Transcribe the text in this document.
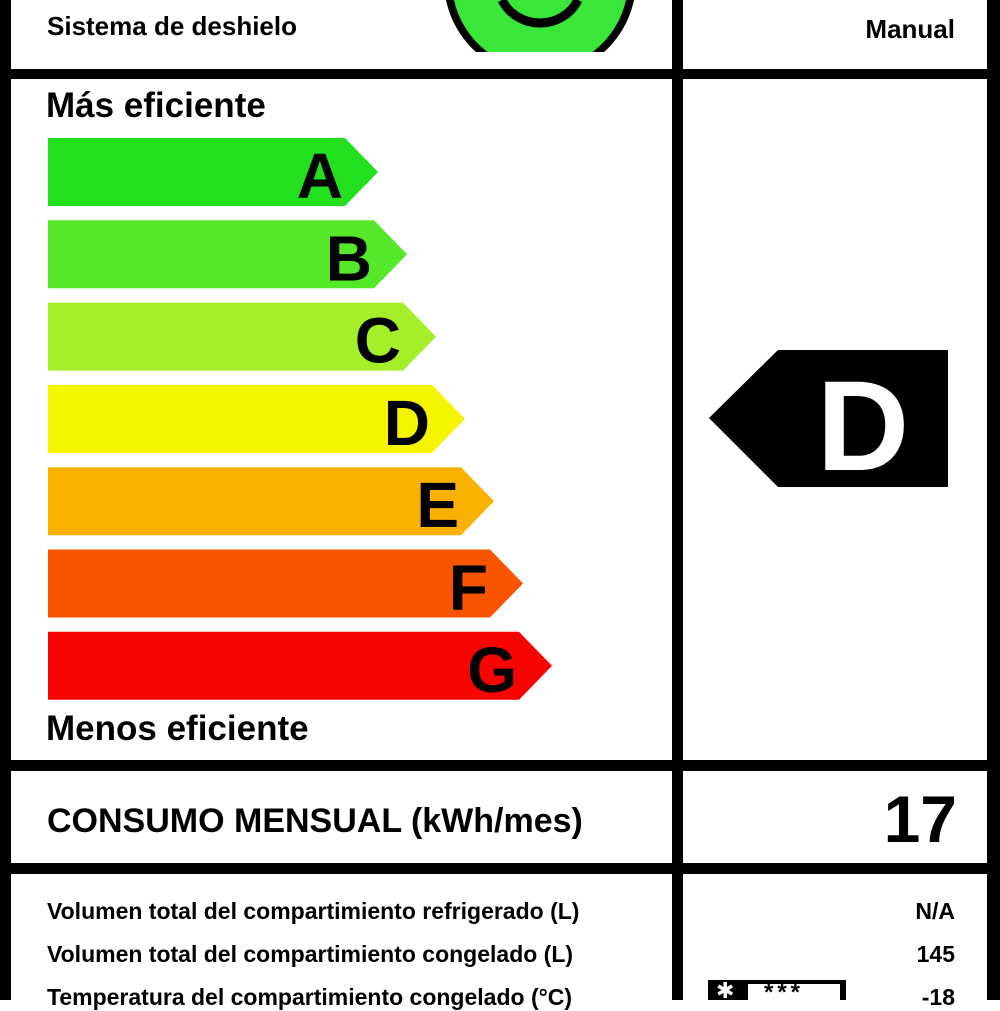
Sistema de deshielo	Manual
Más eficiente
A
B
C
D
E
F
G
Menos eficiente
D
CONSUMO MENSUAL (kWh/mes)	17
Volumen total del compartimiento refrigerado (L)	N/A
Volumen total del compartimiento congelado (L)	145
Temperatura del compartimiento congelado (°C)	-18
✱ ***
